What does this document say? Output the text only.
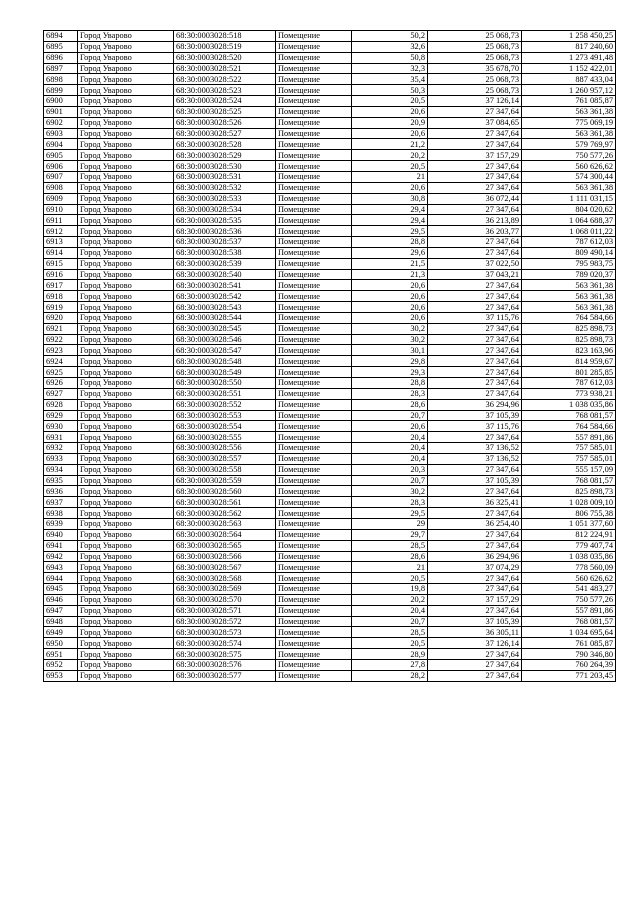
6894	Город Уварово	68:30:0003028:518	Помещение	50,2	25 068,73	1 258 450,25
6895	Город Уварово	68:30:0003028:519	Помещение	32,6	25 068,73	817 240,60
6896	Город Уварово	68:30:0003028:520	Помещение	50,8	25 068,73	1 273 491,48
6897	Город Уварово	68:30:0003028:521	Помещение	32,3	35 678,70	1 152 422,01
6898	Город Уварово	68:30:0003028:522	Помещение	35,4	25 068,73	887 433,04
6899	Город Уварово	68:30:0003028:523	Помещение	50,3	25 068,73	1 260 957,12
6900	Город Уварово	68:30:0003028:524	Помещение	20,5	37 126,14	761 085,87
6901	Город Уварово	68:30:0003028:525	Помещение	20,6	27 347,64	563 361,38
6902	Город Уварово	68:30:0003028:526	Помещение	20,9	37 084,65	775 069,19
6903	Город Уварово	68:30:0003028:527	Помещение	20,6	27 347,64	563 361,38
6904	Город Уварово	68:30:0003028:528	Помещение	21,2	27 347,64	579 769,97
6905	Город Уварово	68:30:0003028:529	Помещение	20,2	37 157,29	750 577,26
6906	Город Уварово	68:30:0003028:530	Помещение	20,5	27 347,64	560 626,62
6907	Город Уварово	68:30:0003028:531	Помещение	21	27 347,64	574 300,44
6908	Город Уварово	68:30:0003028:532	Помещение	20,6	27 347,64	563 361,38
6909	Город Уварово	68:30:0003028:533	Помещение	30,8	36 072,44	1 111 031,15
6910	Город Уварово	68:30:0003028:534	Помещение	29,4	27 347,64	804 020,62
6911	Город Уварово	68:30:0003028:535	Помещение	29,4	36 213,89	1 064 688,37
6912	Город Уварово	68:30:0003028:536	Помещение	29,5	36 203,77	1 068 011,22
6913	Город Уварово	68:30:0003028:537	Помещение	28,8	27 347,64	787 612,03
6914	Город Уварово	68:30:0003028:538	Помещение	29,6	27 347,64	809 490,14
6915	Город Уварово	68:30:0003028:539	Помещение	21,5	37 022,50	795 983,75
6916	Город Уварово	68:30:0003028:540	Помещение	21,3	37 043,21	789 020,37
6917	Город Уварово	68:30:0003028:541	Помещение	20,6	27 347,64	563 361,38
6918	Город Уварово	68:30:0003028:542	Помещение	20,6	27 347,64	563 361,38
6919	Город Уварово	68:30:0003028:543	Помещение	20,6	27 347,64	563 361,38
6920	Город Уварово	68:30:0003028:544	Помещение	20,6	37 115,76	764 584,66
6921	Город Уварово	68:30:0003028:545	Помещение	30,2	27 347,64	825 898,73
6922	Город Уварово	68:30:0003028:546	Помещение	30,2	27 347,64	825 898,73
6923	Город Уварово	68:30:0003028:547	Помещение	30,1	27 347,64	823 163,96
6924	Город Уварово	68:30:0003028:548	Помещение	29,8	27 347,64	814 959,67
6925	Город Уварово	68:30:0003028:549	Помещение	29,3	27 347,64	801 285,85
6926	Город Уварово	68:30:0003028:550	Помещение	28,8	27 347,64	787 612,03
6927	Город Уварово	68:30:0003028:551	Помещение	28,3	27 347,64	773 938,21
6928	Город Уварово	68:30:0003028:552	Помещение	28,6	36 294,96	1 038 035,86
6929	Город Уварово	68:30:0003028:553	Помещение	20,7	37 105,39	768 081,57
6930	Город Уварово	68:30:0003028:554	Помещение	20,6	37 115,76	764 584,66
6931	Город Уварово	68:30:0003028:555	Помещение	20,4	27 347,64	557 891,86
6932	Город Уварово	68:30:0003028:556	Помещение	20,4	37 136,52	757 585,01
6933	Город Уварово	68:30:0003028:557	Помещение	20,4	37 136,52	757 585,01
6934	Город Уварово	68:30:0003028:558	Помещение	20,3	27 347,64	555 157,09
6935	Город Уварово	68:30:0003028:559	Помещение	20,7	37 105,39	768 081,57
6936	Город Уварово	68:30:0003028:560	Помещение	30,2	27 347,64	825 898,73
6937	Город Уварово	68:30:0003028:561	Помещение	28,3	36 325,41	1 028 009,10
6938	Город Уварово	68:30:0003028:562	Помещение	29,5	27 347,64	806 755,38
6939	Город Уварово	68:30:0003028:563	Помещение	29	36 254,40	1 051 377,60
6940	Город Уварово	68:30:0003028:564	Помещение	29,7	27 347,64	812 224,91
6941	Город Уварово	68:30:0003028:565	Помещение	28,5	27 347,64	779 407,74
6942	Город Уварово	68:30:0003028:566	Помещение	28,6	36 294,96	1 038 035,86
6943	Город Уварово	68:30:0003028:567	Помещение	21	37 074,29	778 560,09
6944	Город Уварово	68:30:0003028:568	Помещение	20,5	27 347,64	560 626,62
6945	Город Уварово	68:30:0003028:569	Помещение	19,8	27 347,64	541 483,27
6946	Город Уварово	68:30:0003028:570	Помещение	20,2	37 157,29	750 577,26
6947	Город Уварово	68:30:0003028:571	Помещение	20,4	27 347,64	557 891,86
6948	Город Уварово	68:30:0003028:572	Помещение	20,7	37 105,39	768 081,57
6949	Город Уварово	68:30:0003028:573	Помещение	28,5	36 305,11	1 034 695,64
6950	Город Уварово	68:30:0003028:574	Помещение	20,5	37 126,14	761 085,87
6951	Город Уварово	68:30:0003028:575	Помещение	28,9	27 347,64	790 346,80
6952	Город Уварово	68:30:0003028:576	Помещение	27,8	27 347,64	760 264,39
6953	Город Уварово	68:30:0003028:577	Помещение	28,2	27 347,64	771 203,45
